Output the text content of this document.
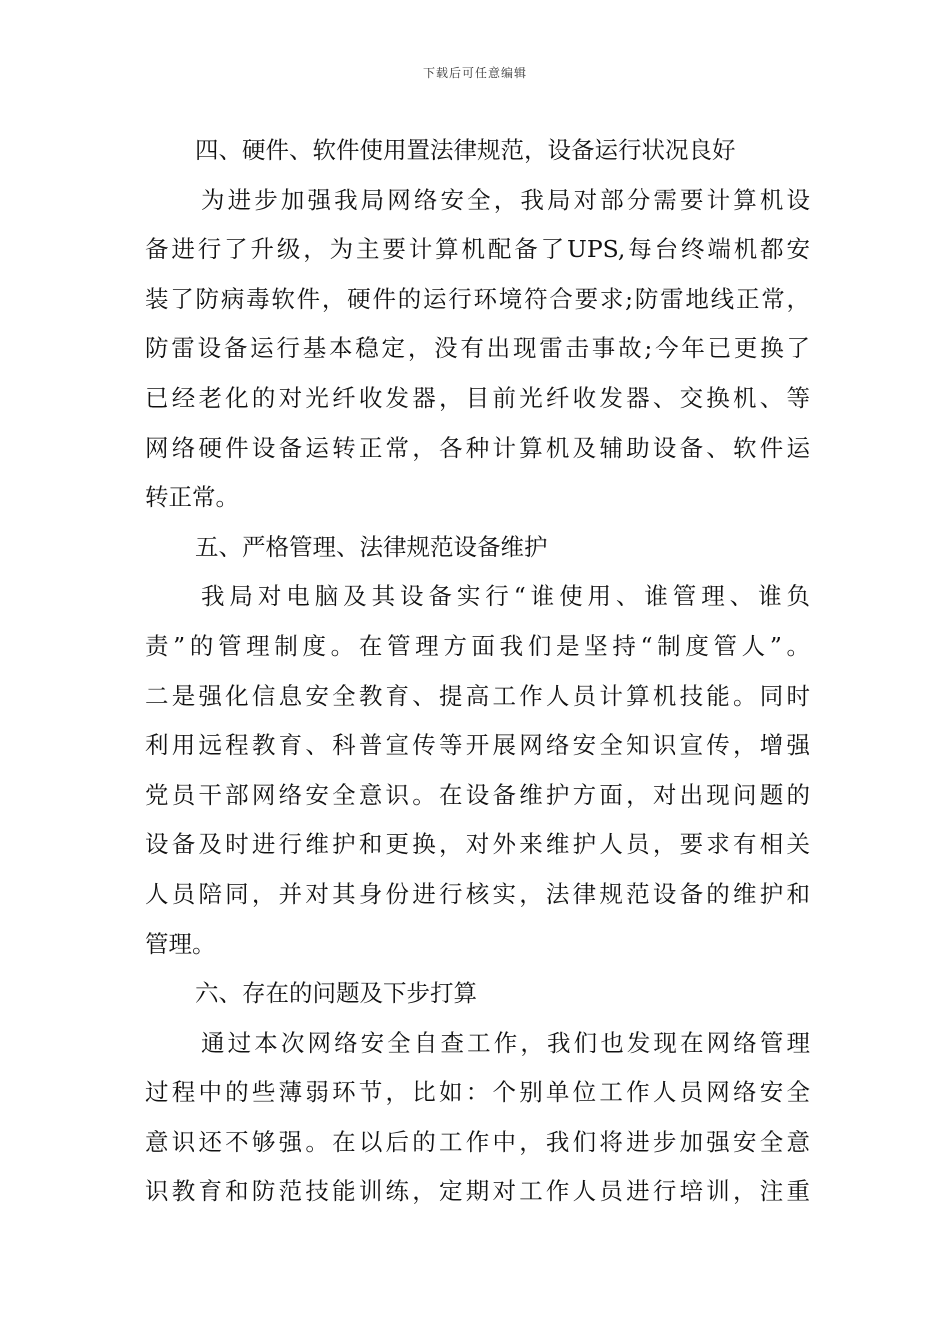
下载后可任意编辑
四、硬件、软件使用置法律规范，设备运行状况良好
为进步加强我局网络安全，我局对部分需要计算机设
备进行了升级，为主要计算机配备了UPS,每台终端机都安
装了防病毒软件，硬件的运行环境符合要求;防雷地线正常，
防雷设备运行基本稳定，没有出现雷击事故;今年已更换了
已经老化的对光纤收发器，目前光纤收发器、交换机、等
网络硬件设备运转正常，各种计算机及辅助设备、软件运
转正常。
五、严格管理、法律规范设备维护
我局对电脑及其设备实行“谁使用、谁管理、谁负
责”的管理制度。在管理方面我们是坚持“制度管人”。
二是强化信息安全教育、提高工作人员计算机技能。同时
利用远程教育、科普宣传等开展网络安全知识宣传，增强
党员干部网络安全意识。在设备维护方面，对出现问题的
设备及时进行维护和更换，对外来维护人员，要求有相关
人员陪同，并对其身份进行核实，法律规范设备的维护和
管理。
六、存在的问题及下步打算
通过本次网络安全自查工作，我们也发现在网络管理
过程中的些薄弱环节，比如：个别单位工作人员网络安全
意识还不够强。在以后的工作中，我们将进步加强安全意
识教育和防范技能训练，定期对工作人员进行培训，注重
